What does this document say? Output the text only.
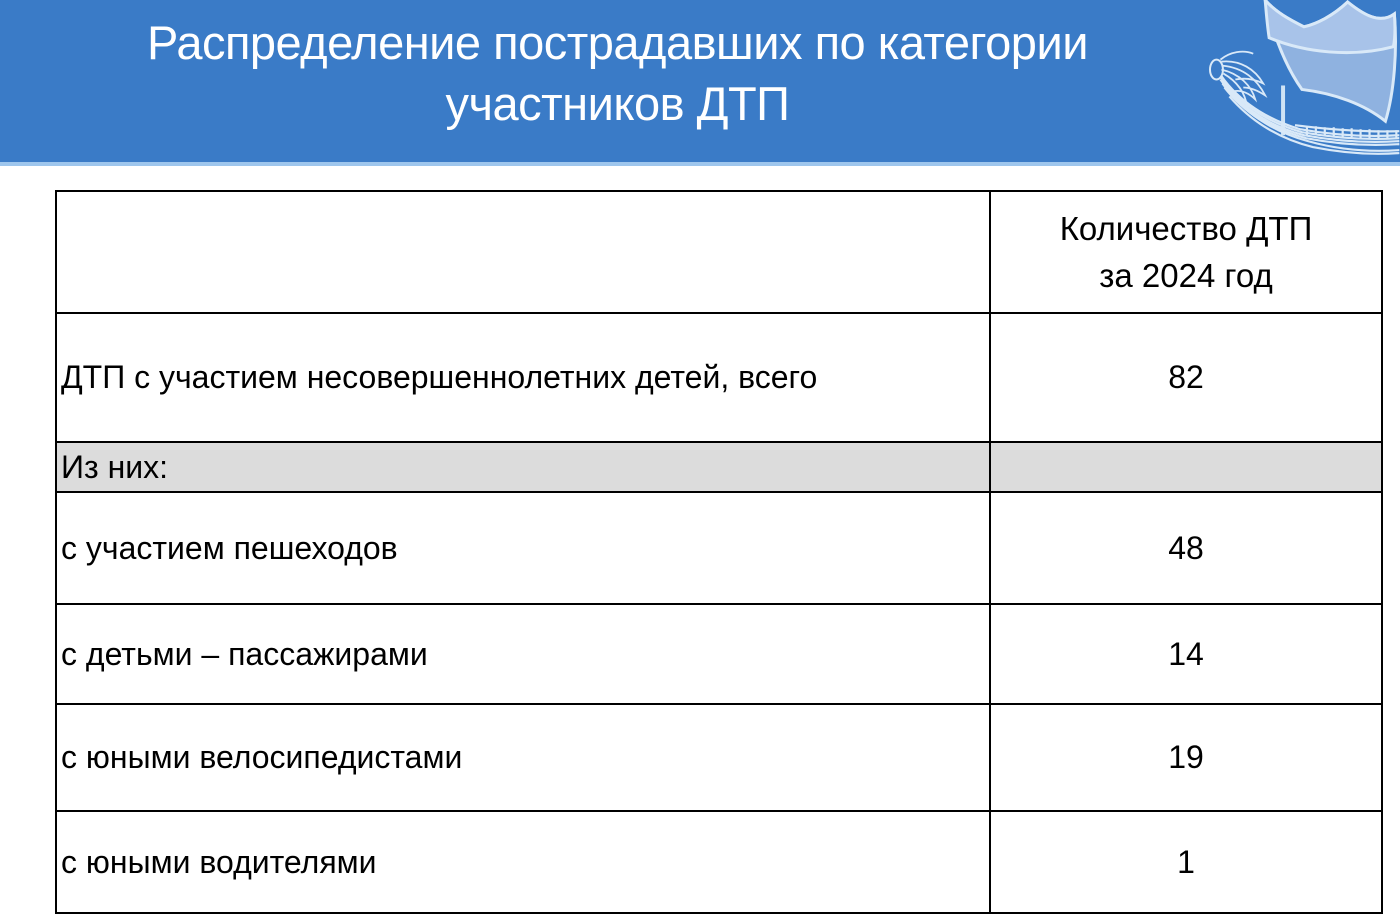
Распределение пострадавших по категории
участников ДТП

	Количество ДТП
за 2024 год

ДТП с участием несовершеннолетних детей, всего	82
Из них:	
с участием пешеходов	48
с детьми – пассажирами	14
с юными велосипедистами	19
с юными водителями	1
